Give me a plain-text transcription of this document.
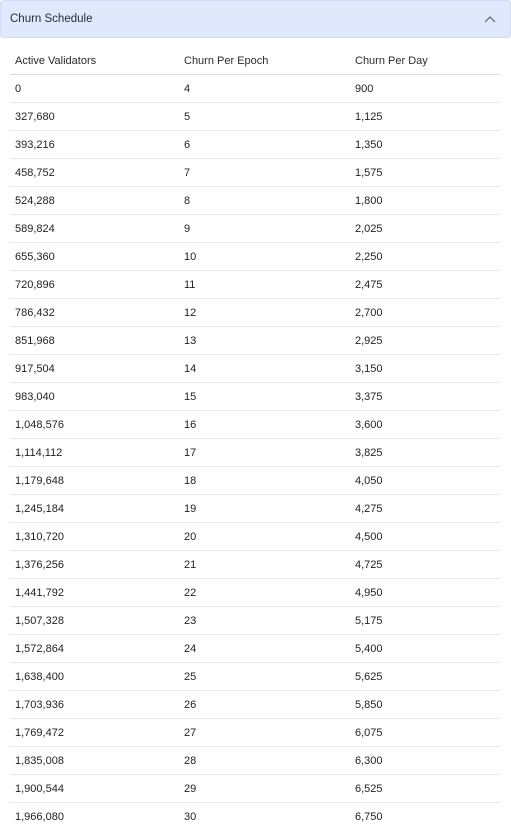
Churn Schedule
Active Validators	Churn Per Epoch	Churn Per Day
0	4	900
327,680	5	1,125
393,216	6	1,350
458,752	7	1,575
524,288	8	1,800
589,824	9	2,025
655,360	10	2,250
720,896	11	2,475
786,432	12	2,700
851,968	13	2,925
917,504	14	3,150
983,040	15	3,375
1,048,576	16	3,600
1,114,112	17	3,825
1,179,648	18	4,050
1,245,184	19	4,275
1,310,720	20	4,500
1,376,256	21	4,725
1,441,792	22	4,950
1,507,328	23	5,175
1,572,864	24	5,400
1,638,400	25	5,625
1,703,936	26	5,850
1,769,472	27	6,075
1,835,008	28	6,300
1,900,544	29	6,525
1,966,080	30	6,750
